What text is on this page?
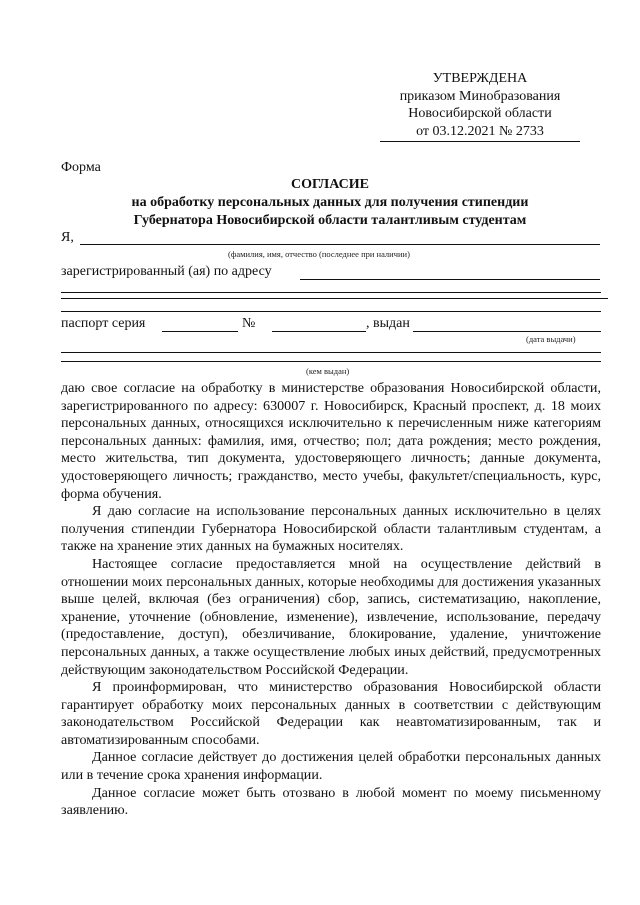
УТВЕРЖДЕНА
приказом Минобразования
Новосибирской области
от 03.12.2021 № 2733
Форма
СОГЛАСИЕ
на обработку персональных данных для получения стипендии
Губернатора Новосибирской области талантливым студентам
Я,
(фамилия, имя, отчество (последнее при наличии)
зарегистрированный (ая) по адресу
паспорт серия	№	, выдан
(дата выдачи)
(кем выдан)

даю свое согласие на обработку в министерстве образования Новосибирской области, зарегистрированного по адресу: 630007 г. Новосибирск, Красный проспект, д. 18 моих персональных данных, относящихся исключительно к перечисленным ниже категориям персональных данных: фамилия, имя, отчество; пол; дата рождения; место рождения, место жительства, тип документа, удостоверяющего личность; данные документа, удостоверяющего личность; гражданство, место учебы, факультет/специальность, курс, форма обучения.

Я даю согласие на использование персональных данных исключительно в целях получения стипендии Губернатора Новосибирской области талантливым студентам, а также на хранение этих данных на бумажных носителях.

Настоящее согласие предоставляется мной на осуществление действий в отношении моих персональных данных, которые необходимы для достижения указанных выше целей, включая (без ограничения) сбор, запись, систематизацию, накопление, хранение, уточнение (обновление, изменение), извлечение, использование, передачу (предоставление, доступ), обезличивание, блокирование, удаление, уничтожение персональных данных, а также осуществление любых иных действий, предусмотренных действующим законодательством Российской Федерации.

Я проинформирован, что министерство образования Новосибирской области гарантирует обработку моих персональных данных в соответствии с действующим законодательством Российской Федерации как неавтоматизированным, так и автоматизированным способами.

Данное согласие действует до достижения целей обработки персональных данных или в течение срока хранения информации.

Данное согласие может быть отозвано в любой момент по моему письменному заявлению.
